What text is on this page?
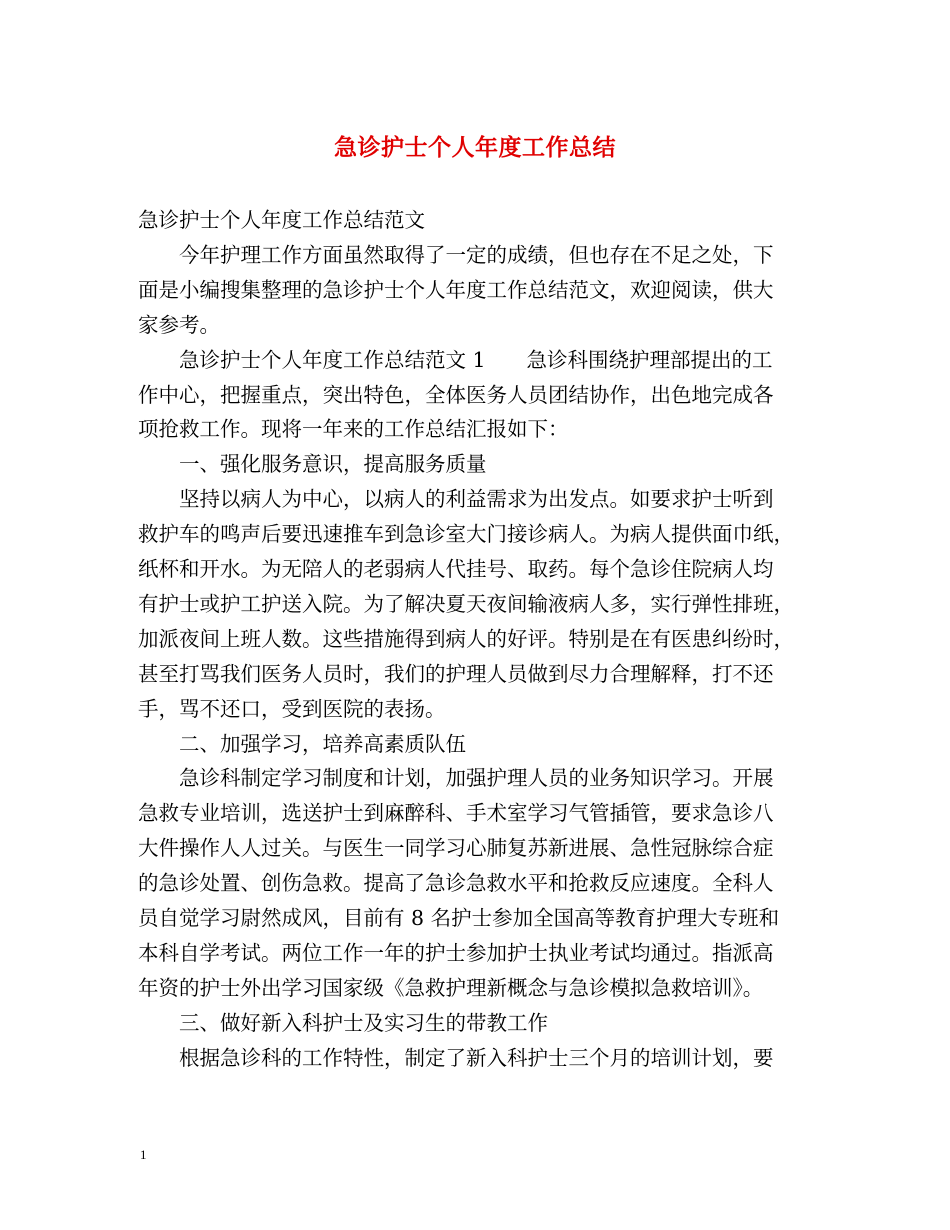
急诊护士个人年度工作总结
急诊护士个人年度工作总结范文
　　今年护理工作方面虽然取得了一定的成绩，但也存在不足之处，下
面是小编搜集整理的急诊护士个人年度工作总结范文，欢迎阅读，供大
家参考。
　　急诊护士个人年度工作总结范文 1　　急诊科围绕护理部提出的工
作中心，把握重点，突出特色，全体医务人员团结协作，出色地完成各
项抢救工作。现将一年来的工作总结汇报如下：
　　一、强化服务意识，提高服务质量
　　坚持以病人为中心，以病人的利益需求为出发点。如要求护士听到
救护车的鸣声后要迅速推车到急诊室大门接诊病人。为病人提供面巾纸，
纸杯和开水。为无陪人的老弱病人代挂号、取药。每个急诊住院病人均
有护士或护工护送入院。为了解决夏天夜间输液病人多，实行弹性排班，
加派夜间上班人数。这些措施得到病人的好评。特别是在有医患纠纷时，
甚至打骂我们医务人员时，我们的护理人员做到尽力合理解释，打不还
手，骂不还口，受到医院的表扬。
　　二、加强学习，培养高素质队伍
　　急诊科制定学习制度和计划，加强护理人员的业务知识学习。开展
急救专业培训，选送护士到麻醉科、手术室学习气管插管，要求急诊八
大件操作人人过关。与医生一同学习心肺复苏新进展、急性冠脉综合症
的急诊处置、创伤急救。提高了急诊急救水平和抢救反应速度。全科人
员自觉学习尉然成风，目前有 8 名护士参加全国高等教育护理大专班和
本科自学考试。两位工作一年的护士参加护士执业考试均通过。指派高
年资的护士外出学习国家级《急救护理新概念与急诊模拟急救培训》。
　　三、做好新入科护士及实习生的带教工作
　　根据急诊科的工作特性，制定了新入科护士三个月的培训计划，要
1
